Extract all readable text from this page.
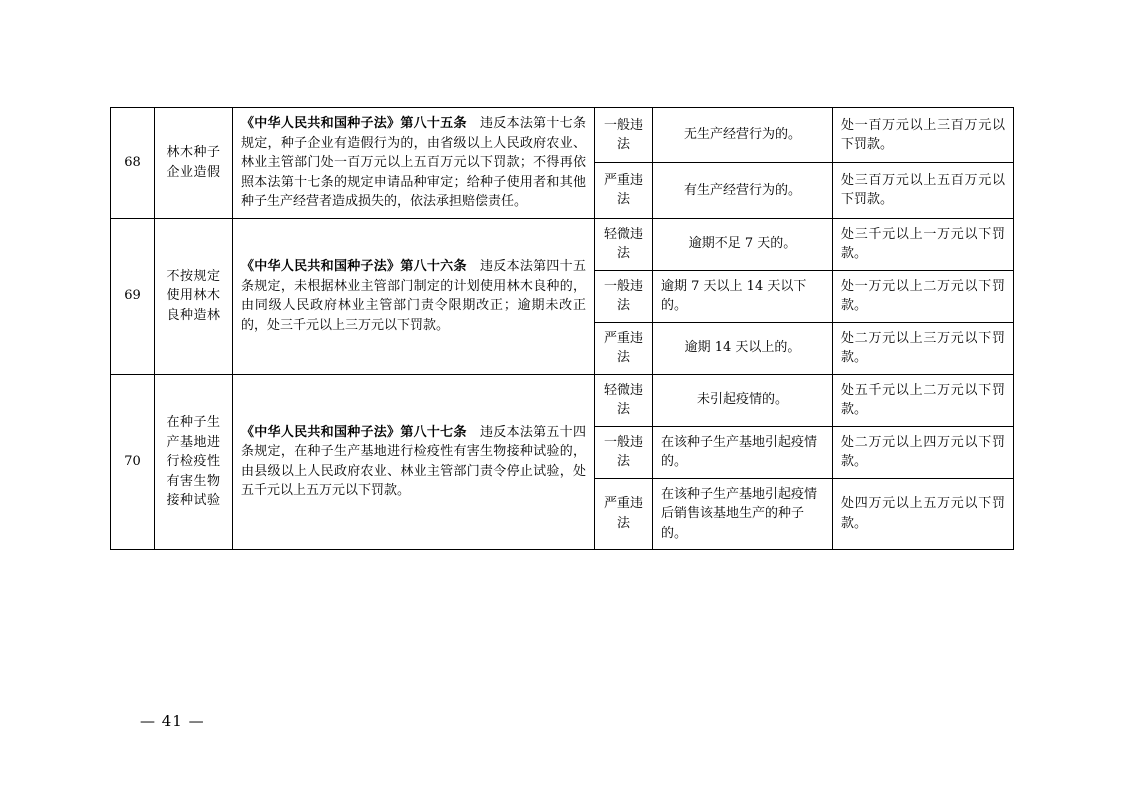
68	林木种子企业造假	《中华人民共和国种子法》第八十五条　 违反本法第十七条规定，种子企业有造假行为的，由省级以上人民政府农业、林业主管部门处一百万元以上五百万元以下罚款；不得再依照本法第十七条的规定申请品种审定；给种子使用者和其他种子生产经营者造成损失的，依法承担赔偿责任。	一般违法	无生产经营行为的。	处一百万元以上三百万元以下罚款。
			严重违法	有生产经营行为的。	处三百万元以上五百万元以下罚款。
69	不按规定使用林木良种造林	《中华人民共和国种子法》第八十六条　 违反本法第四十五条规定，未根据林业主管部门制定的计划使用林木良种的，由同级人民政府林业主管部门责令限期改正；逾期未改正的，处三千元以上三万元以下罚款。	轻微违法	逾期不足 7 天的。	处三千元以上一万元以下罚款。
			一般违法	逾期 7 天以上 14 天以下的。	处一万元以上二万元以下罚款。
			严重违法	逾期 14 天以上的。	处二万元以上三万元以下罚款。
70	在种子生产基地进行检疫性有害生物接种试验	《中华人民共和国种子法》第八十七条　 违反本法第五十四条规定，在种子生产基地进行检疫性有害生物接种试验的，由县级以上人民政府农业、林业主管部门责令停止试验，处五千元以上五万元以下罚款。	轻微违法	未引起疫情的。	处五千元以上二万元以下罚款。
			一般违法	在该种子生产基地引起疫情的。	处二万元以上四万元以下罚款。
			严重违法	在该种子生产基地引起疫情后销售该基地生产的种子的。	处四万元以上五万元以下罚款。
— 41 —
